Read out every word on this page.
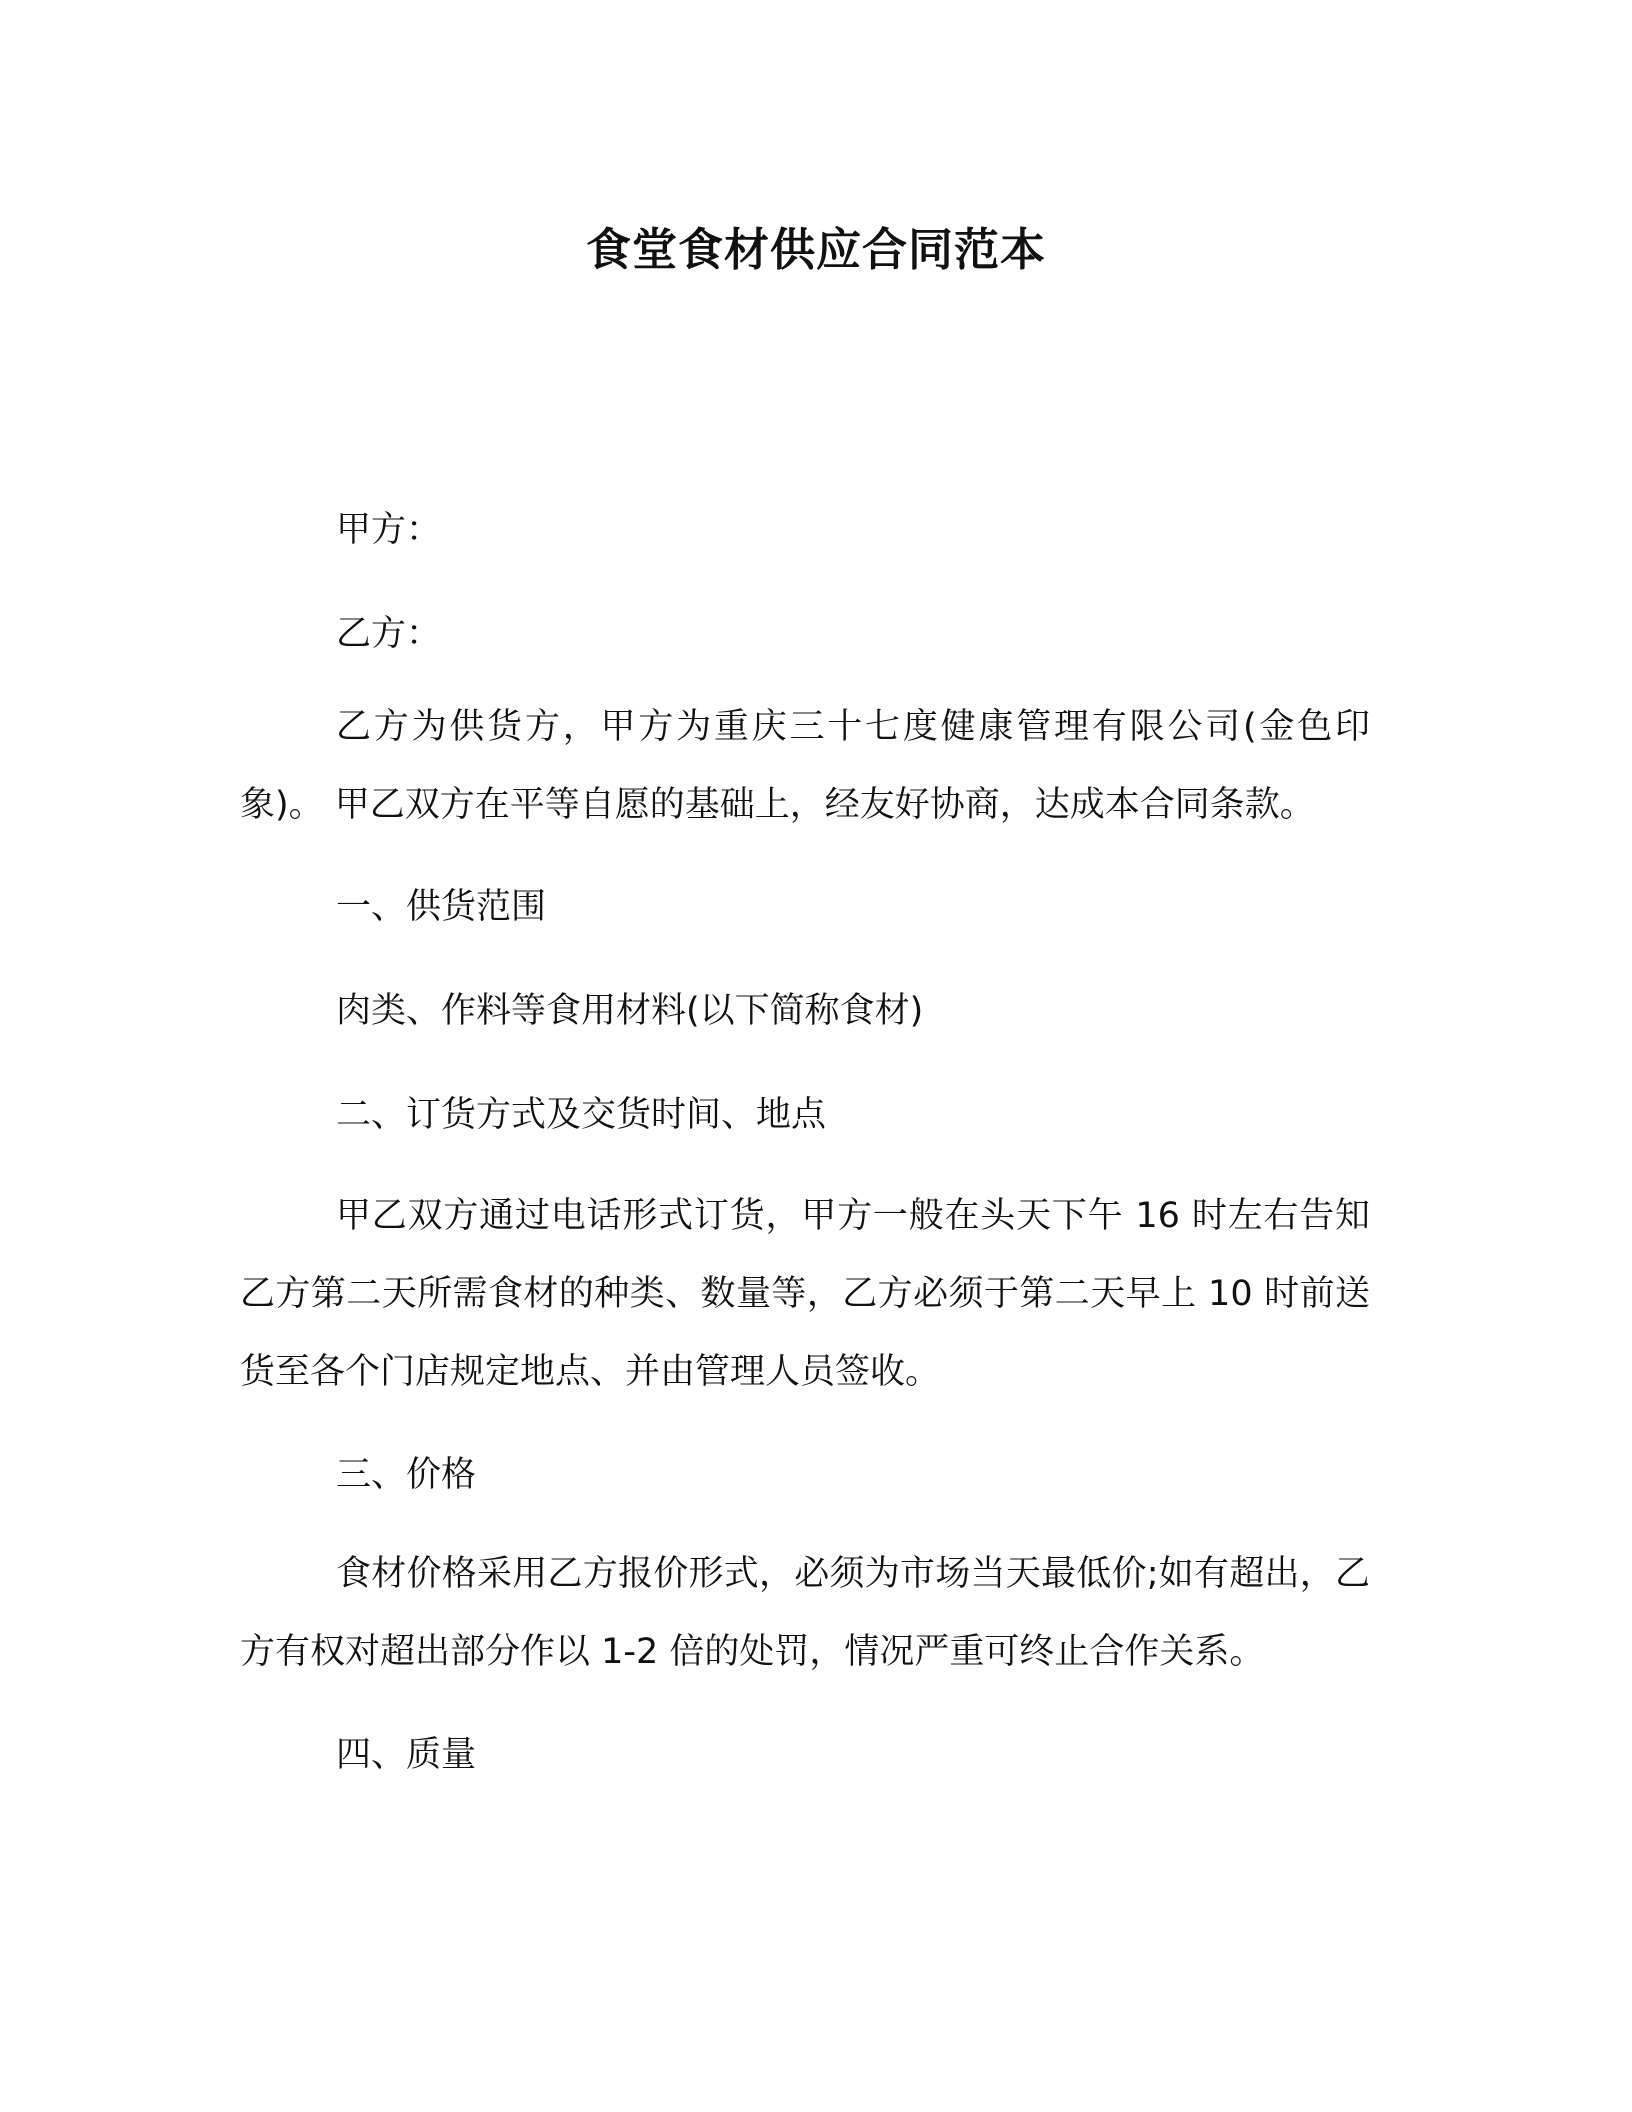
食堂食材供应合同范本
甲方：
乙方：
乙方为供货方，甲方为重庆三十七度健康管理有限公司(金色印象)。 甲乙双方在平等自愿的基础上，经友好协商，达成本合同条款。
一、供货范围
肉类、作料等食用材料(以下简称食材)
二、订货方式及交货时间、地点
甲乙双方通过电话形式订货，甲方一般在头天下午 16 时左右告知乙方第二天所需食材的种类、数量等，乙方必须于第二天早上 10 时前送货至各个门店规定地点、并由管理人员签收。
三、价格
食材价格采用乙方报价形式，必须为市场当天最低价;如有超出，乙方有权对超出部分作以 1-2 倍的处罚，情况严重可终止合作关系。
四、质量
